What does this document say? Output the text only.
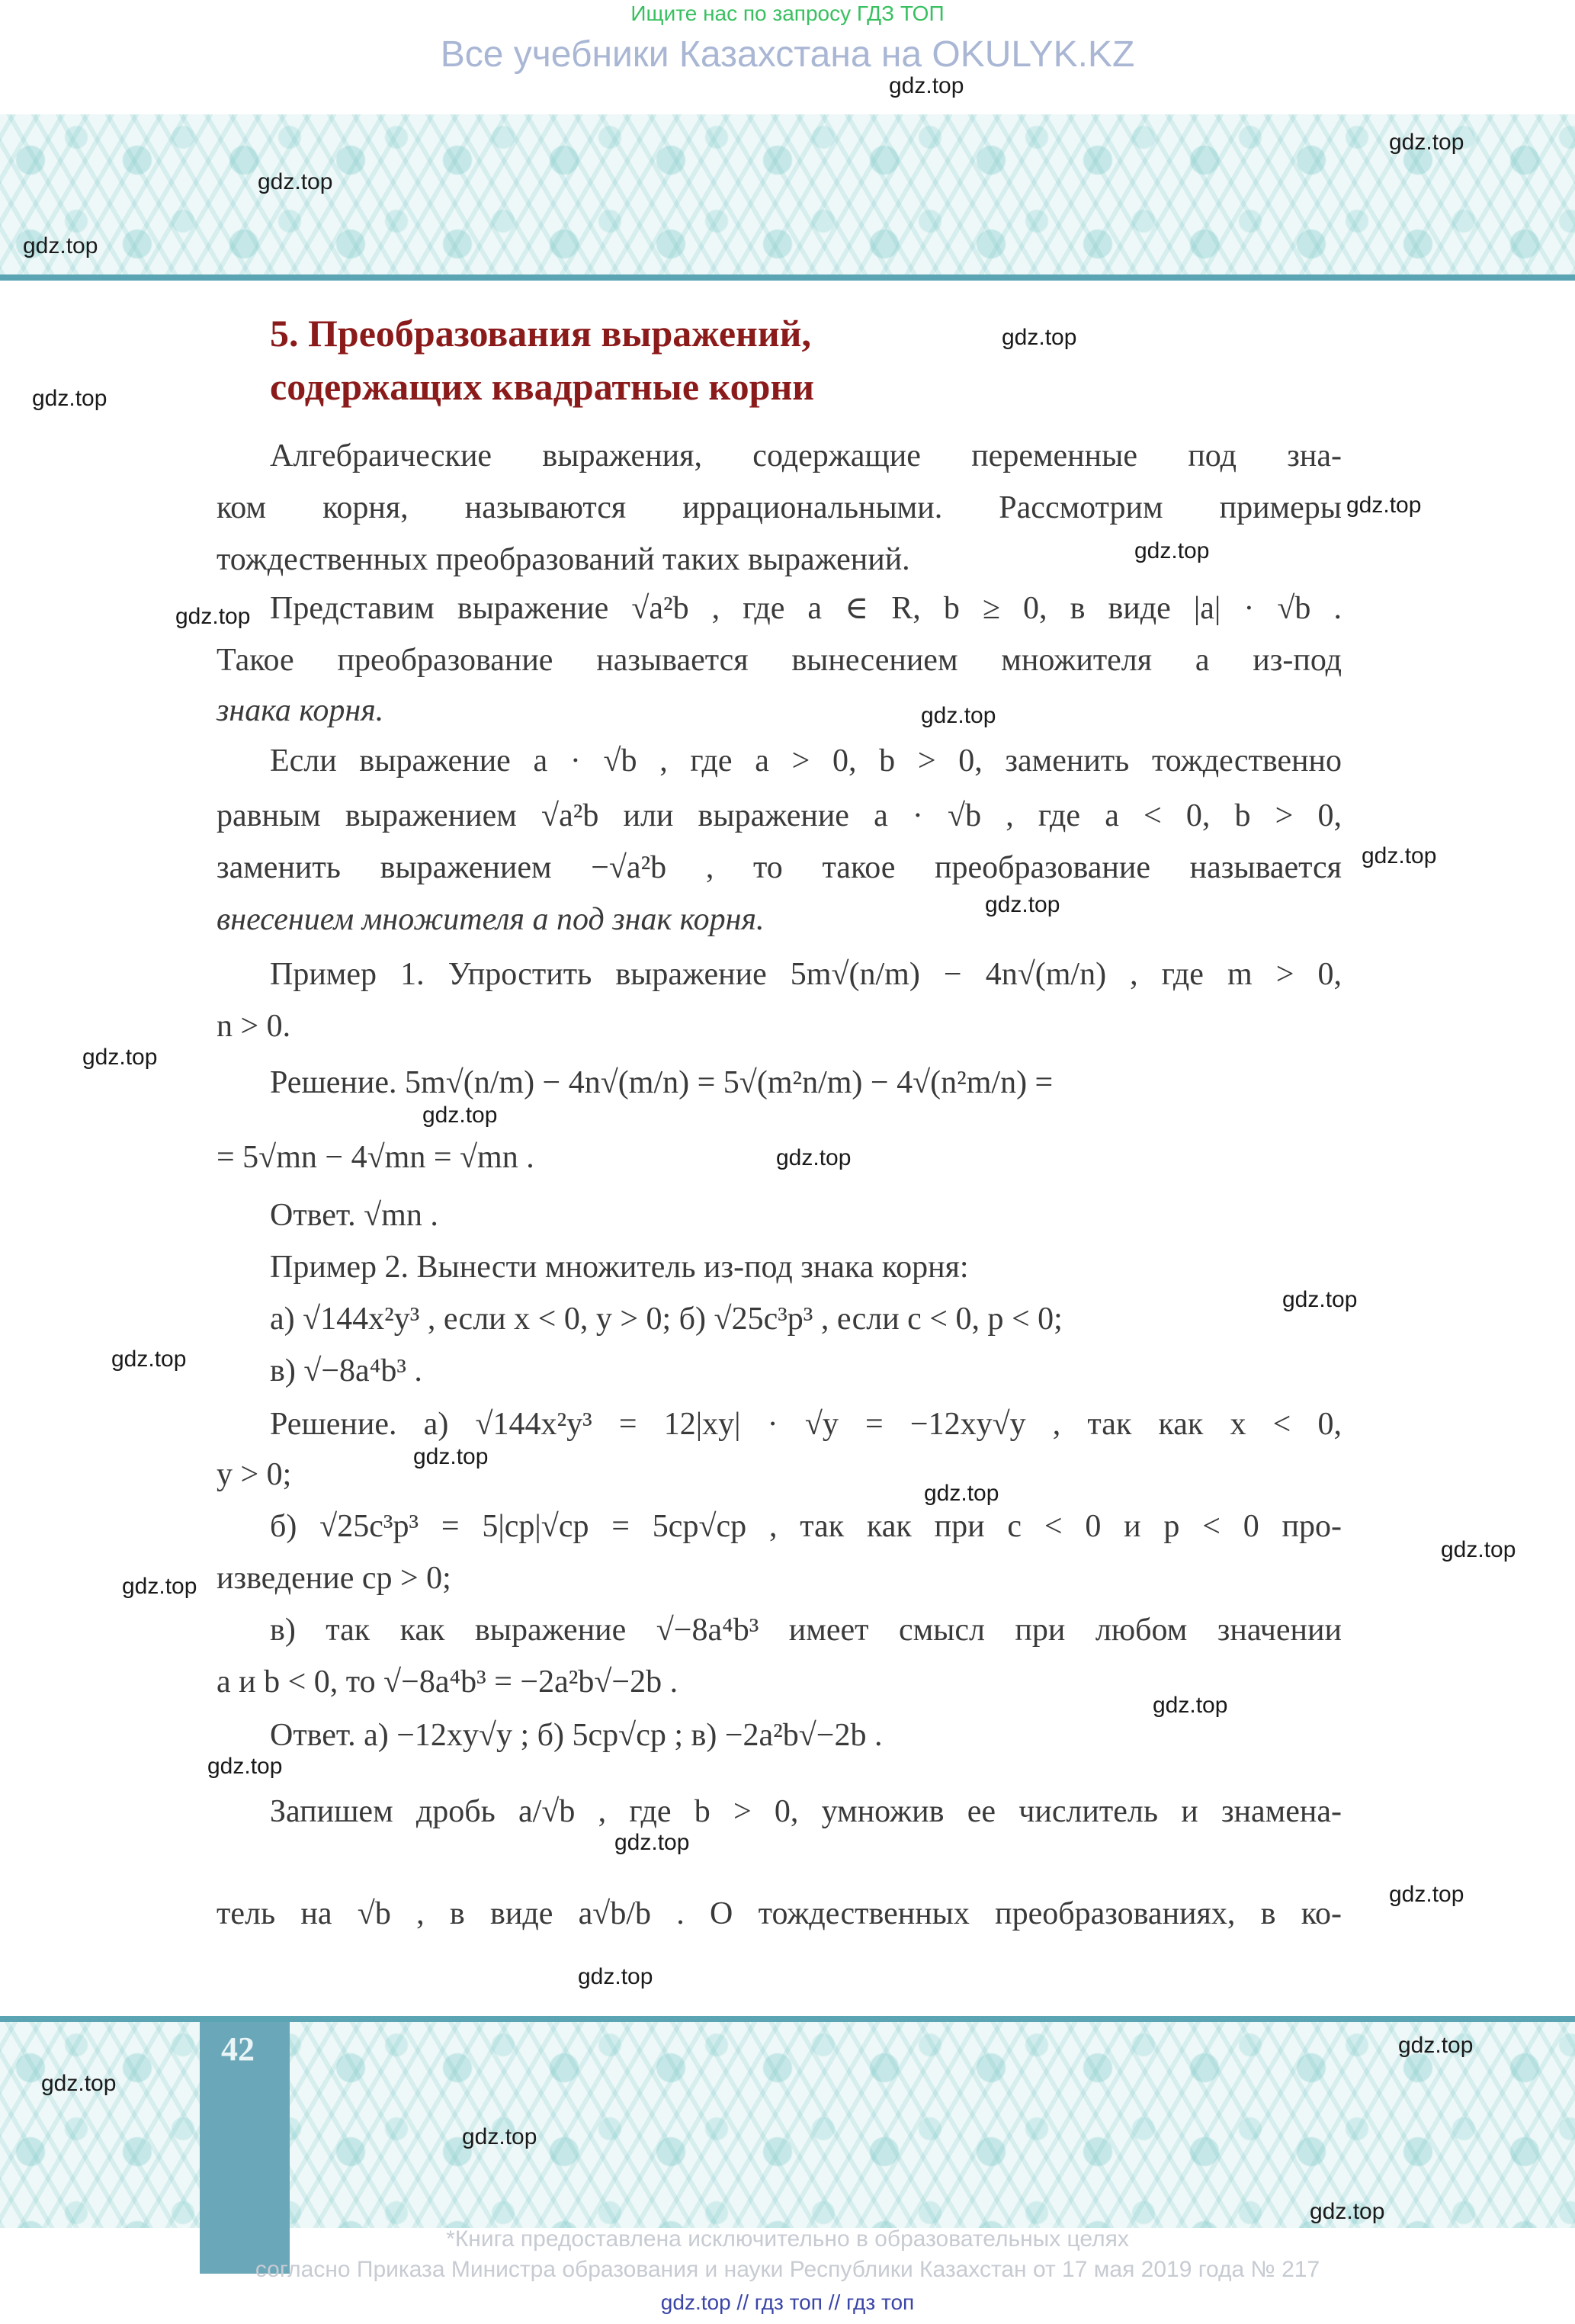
Ищите нас по запросу ГДЗ ТОП
Все учебники Казахстана на OKULYK.KZ
5. Преобразования выражений,
содержащих квадратные корни
Алгебраические выражения, содержащие переменные под зна-
ком корня, называются иррациональными. Рассмотрим примеры
тождественных преобразований таких выражений.
Представим выражение √a²b , где a ∈ R, b ≥ 0, в виде |a| · √b .
Такое преобразование называется вынесением множителя a из-под
знака корня.
Если выражение a · √b , где a > 0, b > 0, заменить тождественно
равным выражением √a²b или выражение a · √b , где a < 0, b > 0,
заменить выражением −√a²b , то такое преобразование называется
внесением множителя a под знак корня.
Пример 1. Упростить выражение 5m√(n/m) − 4n√(m/n) , где m > 0,
n > 0.
Решение. 5m√(n/m) − 4n√(m/n) = 5√(m²n/m) − 4√(n²m/n) =
= 5√mn − 4√mn = √mn .
Ответ. √mn .
Пример 2. Вынести множитель из-под знака корня:
а) √144x²y³ , если x < 0, y > 0; б) √25c³p³ , если c < 0, p < 0;
в) √−8a⁴b³ .
Решение. а) √144x²y³ = 12|xy| · √y = −12xy√y , так как x < 0,
y > 0;
б) √25c³p³ = 5|cp|√cp = 5cp√cp , так как при c < 0 и p < 0 про-
изведение cp > 0;
в) так как выражение √−8a⁴b³ имеет смысл при любом значении
a и b < 0, то √−8a⁴b³ = −2a²b√−2b .
Ответ. а) −12xy√y ; б) 5cp√cp ; в) −2a²b√−2b .
Запишем дробь a/√b , где b > 0, умножив ее числитель и знамена-
тель на √b , в виде a√b/b . О тождественных преобразованиях, в ко-
42
*Книга предоставлена исключительно в образовательных целях
согласно Приказа Министра образования и науки Республики Казахстан от 17 мая 2019 года № 217
gdz.top // гдз топ // гдз топ
gdz.top
gdz.top
gdz.top
gdz.top
gdz.top
gdz.top
gdz.top
gdz.top
gdz.top
gdz.top
gdz.top
gdz.top
gdz.top
gdz.top
gdz.top
gdz.top
gdz.top
gdz.top
gdz.top
gdz.top
gdz.top
gdz.top
gdz.top
gdz.top
gdz.top
gdz.top
gdz.top
gdz.top
gdz.top
gdz.top
